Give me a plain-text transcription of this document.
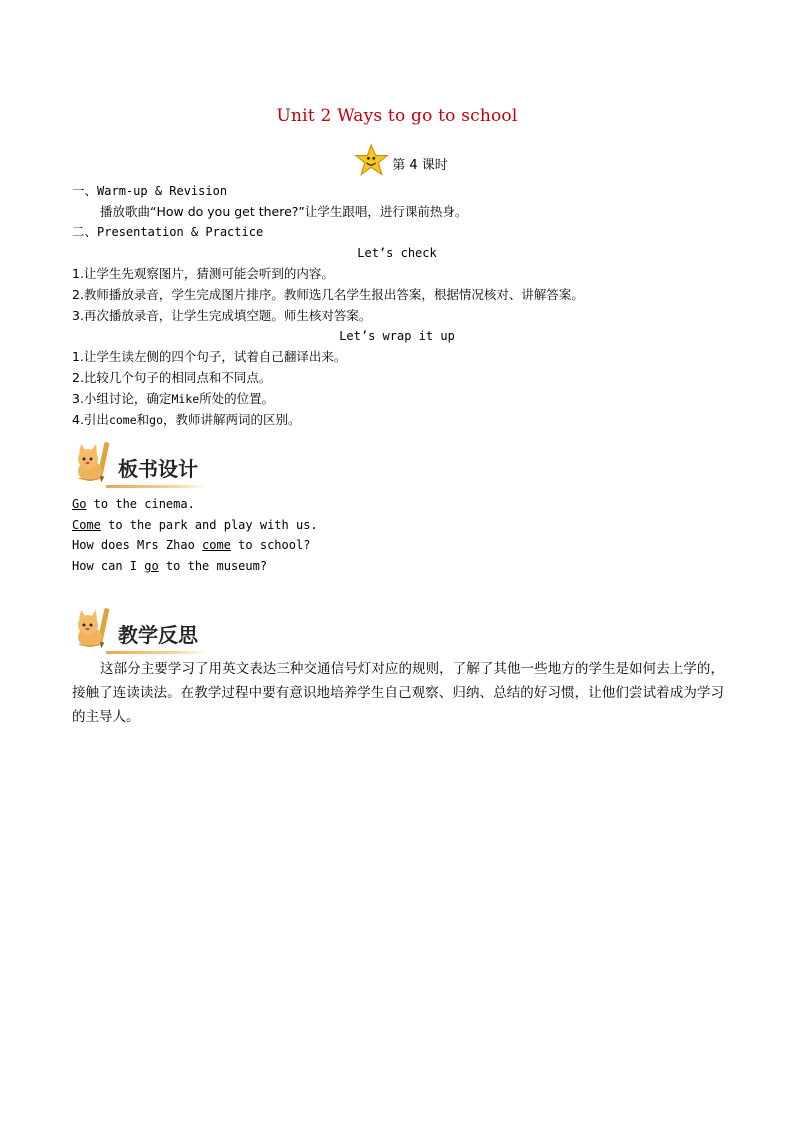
Unit 2 Ways to go to school
第 4 课时
一、Warm-up & Revision
播放歌曲“How do you get there?”让学生跟唱，进行课前热身。
二、Presentation & Practice
Let’s check
1.让学生先观察图片，猜测可能会听到的内容。
2.教师播放录音，学生完成图片排序。教师选几名学生报出答案，根据情况核对、讲解答案。
3.再次播放录音，让学生完成填空题。师生核对答案。
Let’s wrap it up
1.让学生读左侧的四个句子，试着自己翻译出来。
2.比较几个句子的相同点和不同点。
3.小组讨论，确定Mike所处的位置。
4.引出come和go，教师讲解两词的区别。
板书设计
Go to the cinema.
Come to the park and play with us.
How does Mrs Zhao come to school?
How can I go to the museum?
教学反思
这部分主要学习了用英文表达三种交通信号灯对应的规则，了解了其他一些地方的学生是如何去上学的，接触了连读读法。在教学过程中要有意识地培养学生自己观察、归纳、总结的好习惯，让他们尝试着成为学习的主导人。
